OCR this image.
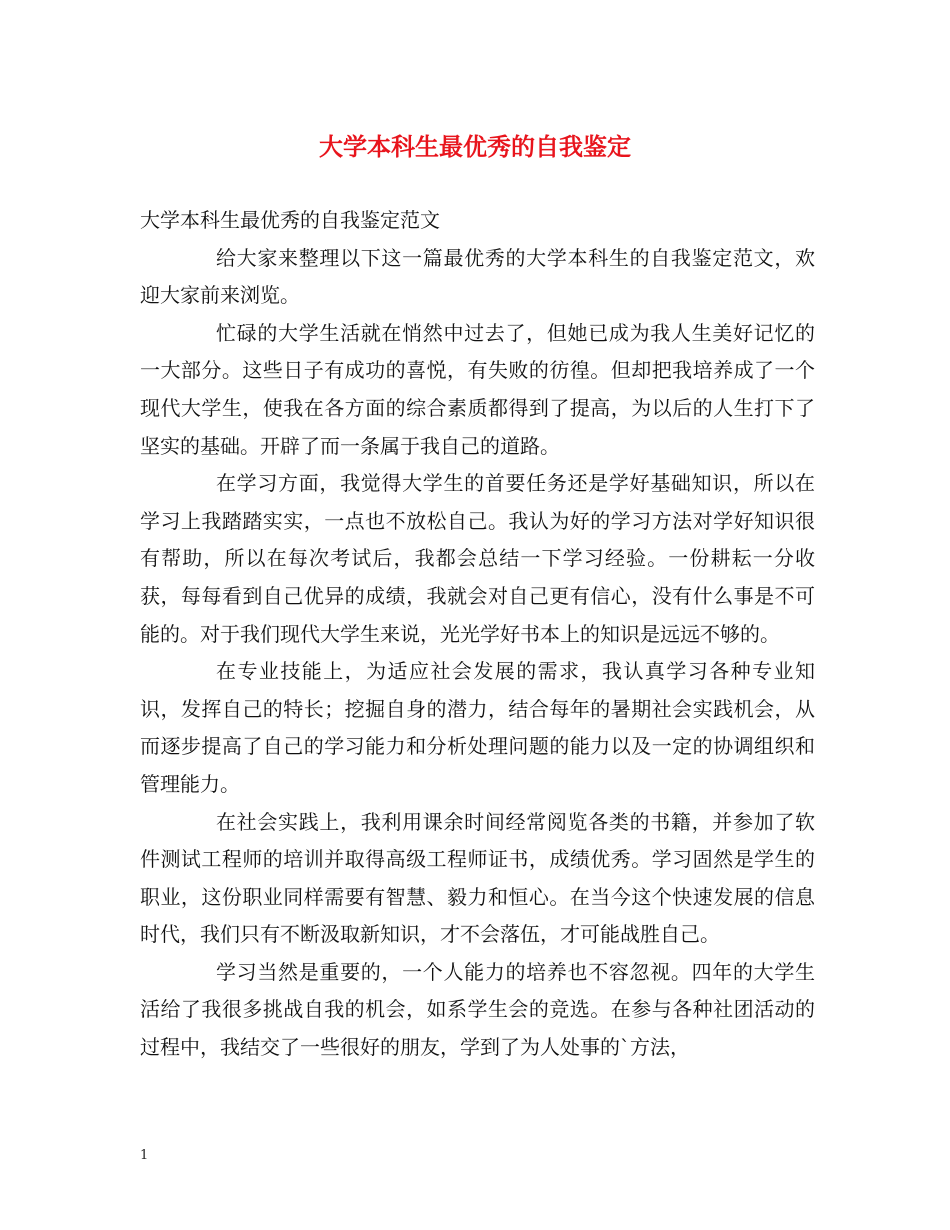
大学本科生最优秀的自我鉴定

大学本科生最优秀的自我鉴定范文

给大家来整理以下这一篇最优秀的大学本科生的自我鉴定范文，欢迎大家前来浏览。

忙碌的大学生活就在悄然中过去了，但她已成为我人生美好记忆的一大部分。这些日子有成功的喜悦，有失败的彷徨。但却把我培养成了一个现代大学生，使我在各方面的综合素质都得到了提高，为以后的人生打下了坚实的基础。开辟了而一条属于我自己的道路。

在学习方面，我觉得大学生的首要任务还是学好基础知识，所以在学习上我踏踏实实，一点也不放松自己。我认为好的学习方法对学好知识很有帮助，所以在每次考试后，我都会总结一下学习经验。一份耕耘一分收获，每每看到自己优异的成绩，我就会对自己更有信心，没有什么事是不可能的。对于我们现代大学生来说，光光学好书本上的知识是远远不够的。

在专业技能上，为适应社会发展的需求，我认真学习各种专业知识，发挥自己的特长；挖掘自身的潜力，结合每年的暑期社会实践机会，从而逐步提高了自己的学习能力和分析处理问题的能力以及一定的协调组织和管理能力。

在社会实践上，我利用课余时间经常阅览各类的书籍，并参加了软件测试工程师的培训并取得高级工程师证书，成绩优秀。学习固然是学生的职业，这份职业同样需要有智慧、毅力和恒心。在当今这个快速发展的信息时代，我们只有不断汲取新知识，才不会落伍，才可能战胜自己。

学习当然是重要的，一个人能力的培养也不容忽视。四年的大学生活给了我很多挑战自我的机会，如系学生会的竞选。在参与各种社团活动的过程中，我结交了一些很好的朋友，学到了为人处事的`方法，

1
